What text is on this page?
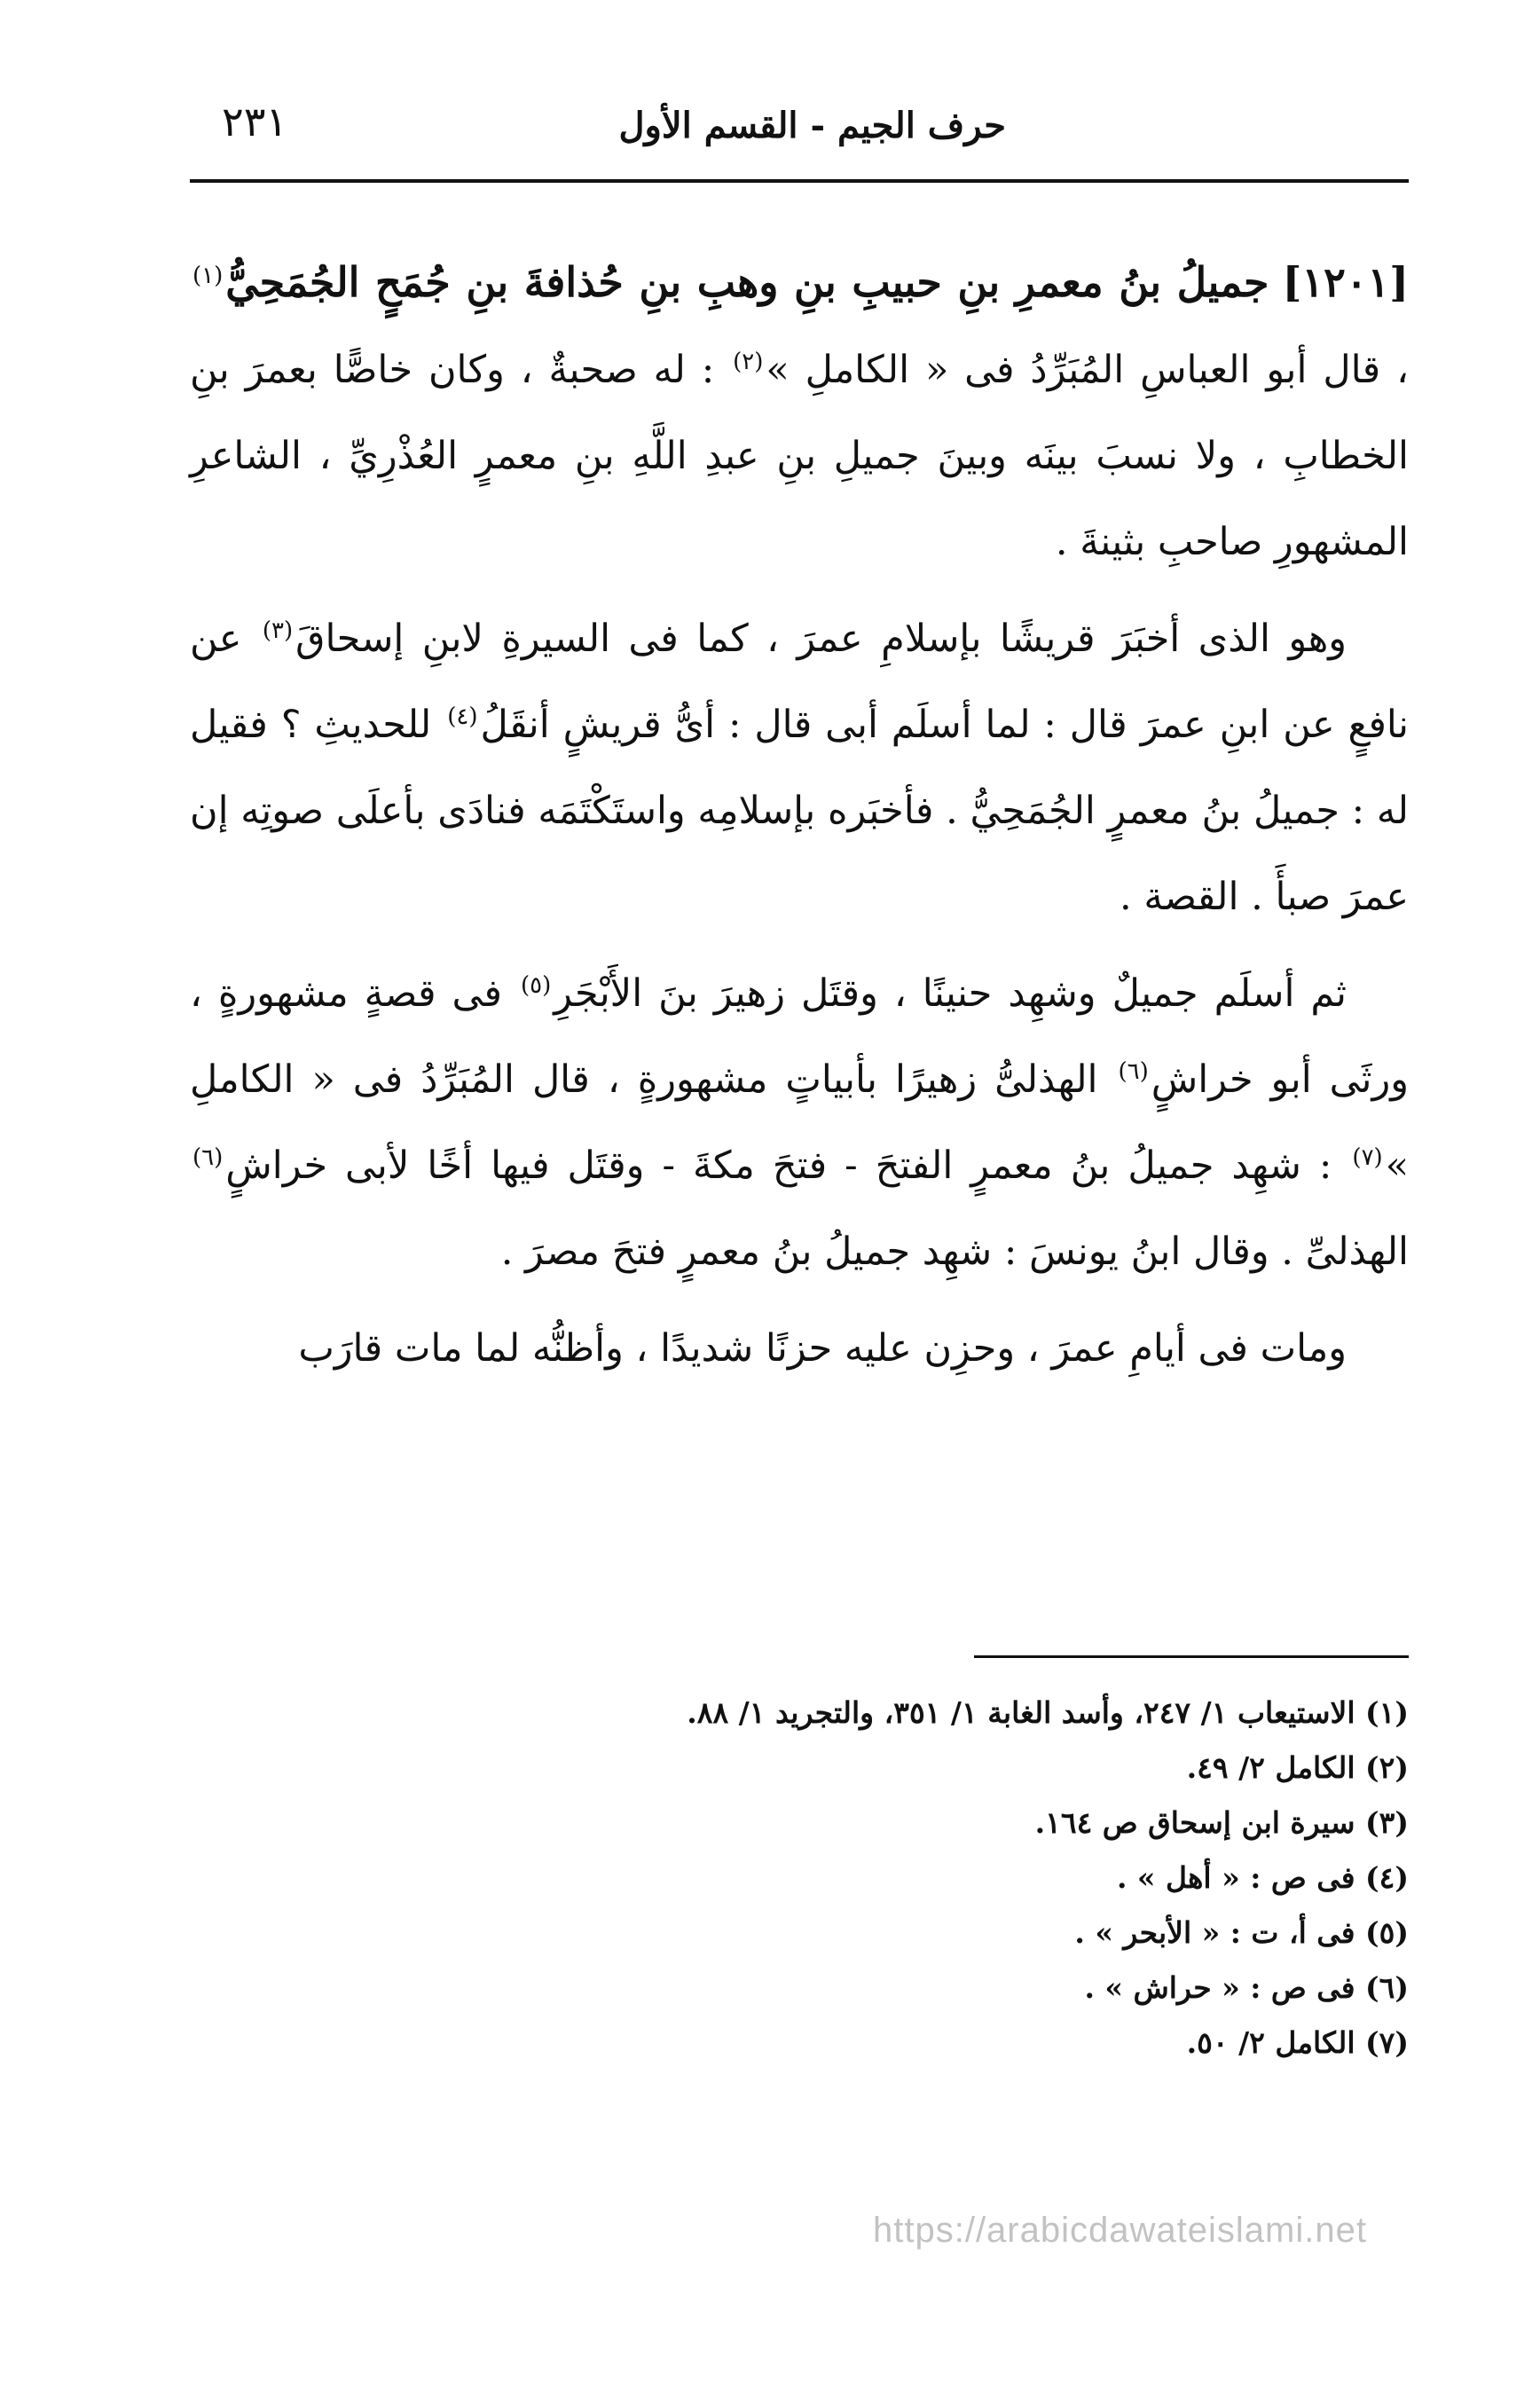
حرف الجيم - القسم الأول
٢٣١

[١٢٠١] جميلُ بنُ معمرِ بنِ حبيبِ بنِ وهبِ بنِ حُذافةَ بنِ جُمَحٍ الجُمَحِيُّ$^{(١)}$ ، قال أبو العباسِ المُبَرِّدُ فى « الكاملِ »$^{(٢)}$ : له صحبةٌ ، وكان خاصًّا بعمرَ بنِ الخطابِ ، ولا نسبَ بينَه وبينَ جميلِ بنِ عبدِ اللَّهِ بنِ معمرٍ العُذْرِيِّ ، الشاعرِ المشهورِ صاحبِ بثينةَ .

وهو الذى أخبَرَ قريشًا بإسلامِ عمرَ ، كما فى السيرةِ لابنِ إسحاقَ$^{(٣)}$ عن نافعٍ عن ابنِ عمرَ قال : لما أسلَم أبى قال : أىُّ قريشٍ أنقَلُ$^{(٤)}$ للحديثِ ؟ فقيل له : جميلُ بنُ معمرٍ الجُمَحِيُّ . فأخبَره بإسلامِه واستَكْتَمَه فنادَى بأعلَى صوتِه إن عمرَ صبأَ . القصة .

ثم أسلَم جميلٌ وشهِد حنينًا ، وقتَل زهيرَ بنَ الأَبْجَرِ$^{(٥)}$ فى قصةٍ مشهورةٍ ، ورثَى أبو خراشٍ$^{(٦)}$ الهذلىُّ زهيرًا بأبياتٍ مشهورةٍ ، قال المُبَرِّدُ فى « الكاملِ »$^{(٧)}$ : شهِد جميلُ بنُ معمرٍ الفتحَ - فتحَ مكةَ - وقتَل فيها أخًا لأبى خراشٍ$^{(٦)}$ الهذلىِّ . وقال ابنُ يونسَ : شهِد جميلُ بنُ معمرٍ فتحَ مصرَ .

ومات فى أيامِ عمرَ ، وحزِن عليه حزنًا شديدًا ، وأظنُّه لما مات قارَب

(١) الاستيعاب ١/ ٢٤٧، وأسد الغابة ١/ ٣٥١، والتجريد ١/ ٨٨.
(٢) الكامل ٢/ ٤٩.
(٣) سيرة ابن إسحاق ص ١٦٤.
(٤) فى ص : « أهل » .
(٥) فى أ، ت : « الأبحر » .
(٦) فى ص : « حراش » .
(٧) الكامل ٢/ ٥٠.
https://arabicdawateislami.net
